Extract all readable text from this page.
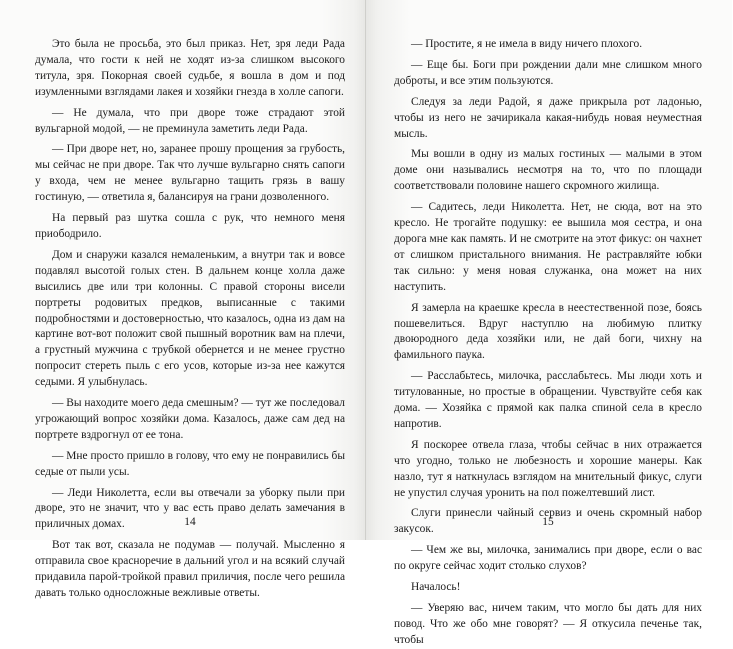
Это была не просьба, это был приказ. Нет, зря леди Рада думала, что гости к ней не ходят из-за слишком высокого титула, зря. Покорная своей судьбе, я вошла в дом и под изумленными взглядами лакея и хозяйки гнезда в холле сапоги.

— Не думала, что при дворе тоже страдают этой вульгарной модой, — не преминула заметить леди Рада.

— При дворе нет, но, заранее прошу прощения за грубость, мы сейчас не при дворе. Так что лучше вульгарно снять сапоги у входа, чем не менее вульгарно тащить грязь в вашу гостиную, — ответила я, балансируя на грани дозволенного.

На первый раз шутка сошла с рук, что немного меня приободрило.

Дом и снаружи казался немаленьким, а внутри так и вовсе подавлял высотой голых стен. В дальнем конце холла даже высились две или три колонны. С правой стороны висели портреты родовитых предков, выписанные с такими подробностями и достоверностью, что казалось, одна из дам на картине вот-вот положит свой пышный воротник вам на плечи, а грустный мужчина с трубкой обернется и не менее грустно попросит стереть пыль с его усов, которые из-за нее кажутся седыми. Я улыбнулась.

— Вы находите моего деда смешным? — тут же последовал угрожающий вопрос хозяйки дома. Казалось, даже сам дед на портрете вздрогнул от ее тона.

— Мне просто пришло в голову, что ему не понравились бы седые от пыли усы.

— Леди Николетта, если вы отвечали за уборку пыли при дворе, это не значит, что у вас есть право делать замечания в приличных домах.

Вот так вот, сказала не подумав — получай. Мысленно я отправила свое красноречие в дальний угол и на всякий случай придавила парой-тройкой правил приличия, после чего решила давать только односложные вежливые ответы.

14

— Простите, я не имела в виду ничего плохого.

— Еще бы. Боги при рождении дали мне слишком много доброты, и все этим пользуются.

Следуя за леди Радой, я даже прикрыла рот ладонью, чтобы из него не зачирикала какая-нибудь новая неуместная мысль.

Мы вошли в одну из малых гостиных — малыми в этом доме они назывались несмотря на то, что по площади соответствовали половине нашего скромного жилища.

— Садитесь, леди Николетта. Нет, не сюда, вот на это кресло. Не трогайте подушку: ее вышила моя сестра, и она дорога мне как память. И не смотрите на этот фикус: он чахнет от слишком пристального внимания. Не растравляйте юбки так сильно: у меня новая служанка, она может на них наступить.

Я замерла на краешке кресла в неестественной позе, боясь пошевелиться. Вдруг наступлю на любимую плитку двоюродного деда хозяйки или, не дай боги, чихну на фамильного паука.

— Расслабьтесь, милочка, расслабьтесь. Мы люди хоть и титулованные, но простые в обращении. Чувствуйте себя как дома. — Хозяйка с прямой как палка спиной села в кресло напротив.

Я поскорее отвела глаза, чтобы сейчас в них отражается что угодно, только не любезность и хорошие манеры. Как назло, тут я наткнулась взглядом на мнительный фикус, слуги не упустил случая уронить на пол пожелтевший лист.

Слуги принесли чайный сервиз и очень скромный набор закусок.

— Чем же вы, милочка, занимались при дворе, если о вас по округе сейчас ходит столько слухов?

Началось!

— Уверяю вас, ничем таким, что могло бы дать для них повод. Что же обо мне говорят? — Я откусила печенье так, чтобы

15
